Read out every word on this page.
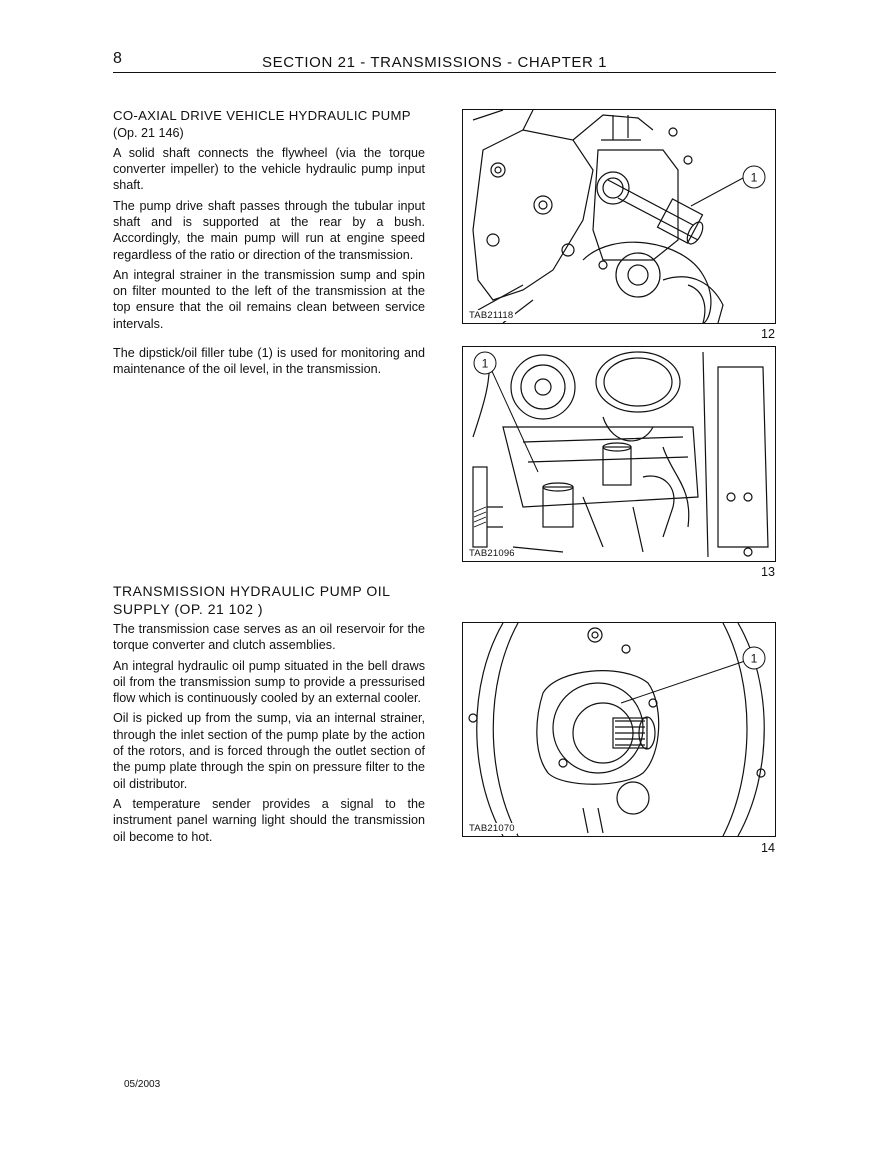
8	SECTION 21 - TRANSMISSIONS - CHAPTER 1
CO-AXIAL DRIVE VEHICLE HYDRAULIC PUMP
(Op. 21 146)

A solid shaft connects the flywheel (via the torque converter impeller) to the vehicle hydraulic pump input shaft.

The pump drive shaft passes through the tubular input shaft and is supported at the rear by a bush. Accordingly, the main pump will run at engine speed regardless of the ratio or direction of the transmission.

An integral strainer in the transmission sump and spin on filter mounted to the left of the transmission at the top ensure that the oil remains clean between service intervals.

The dipstick/oil filler tube (1) is used for monitoring and maintenance of the oil level, in the transmission.

TRANSMISSION HYDRAULIC PUMP OIL
SUPPLY (OP. 21 102 )

The transmission case serves as an oil reservoir for the torque converter and clutch assemblies.

An integral hydraulic oil pump situated in the bell draws oil from the transmission sump to provide a pressurised flow which is continuously cooled by an external cooler.

Oil is picked up from the sump, via an internal strainer, through the inlet section of the pump plate by the action of the rotors, and is forced through the outlet section of the pump plate through the spin on pressure filter to the oil distributor.

A temperature sender provides a signal to the instrument panel warning light should the transmission oil become to hot.

1
TAB21118
12
1
TAB21096
13
1
TAB21070
14
05/2003
